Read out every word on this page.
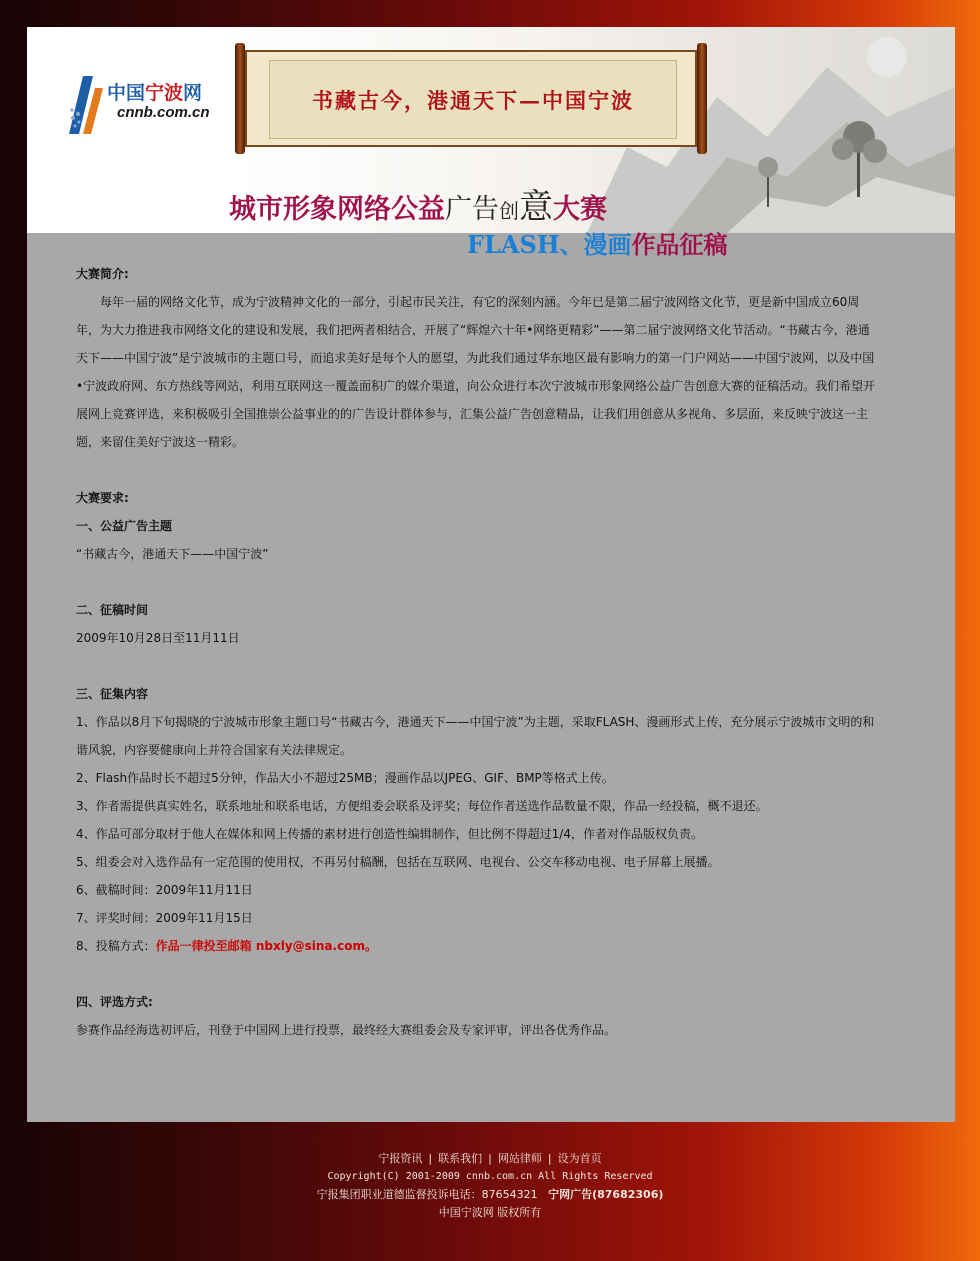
中国宁波网
cnnb.com.cn	书藏古今，港通天下—中国宁波
城市形象网络公益广告创意大赛
FLASH、漫画作品征稿
大赛简介:

每年一届的网络文化节，成为宁波精神文化的一部分，引起市民关注，有它的深刻内涵。今年已是第二届宁波网络文化节，更是新中国成立60周年，为大力推进我市网络文化的建设和发展，我们把两者相结合，开展了“辉煌六十年•网络更精彩”——第二届宁波网络文化节活动。“书藏古今，港通天下——中国宁波”是宁波城市的主题口号，而追求美好是每个人的愿望，为此我们通过华东地区最有影响力的第一门户网站——中国宁波网，以及中国•宁波政府网、东方热线等网站，利用互联网这一覆盖面积广的媒介渠道，向公众进行本次宁波城市形象网络公益广告创意大赛的征稿活动。我们希望开展网上竞赛评选，来积极吸引全国推崇公益事业的的广告设计群体参与，汇集公益广告创意精品，让我们用创意从多视角、多层面，来反映宁波这一主题，来留住美好宁波这一精彩。

大赛要求:
一、公益广告主题

“书藏古今，港通天下——中国宁波”

二、征稿时间

2009年10月28日至11月11日

三、征集内容

1、作品以8月下旬揭晓的宁波城市形象主题口号“书藏古今，港通天下——中国宁波”为主题，采取FLASH、漫画形式上传，充分展示宁波城市文明的和谐风貌，内容要健康向上并符合国家有关法律规定。

2、Flash作品时长不超过5分钟，作品大小不超过25MB；漫画作品以JPEG、GIF、BMP等格式上传。

3、作者需提供真实姓名，联系地址和联系电话，方便组委会联系及评奖；每位作者送选作品数量不限，作品一经投稿，概不退还。

4、作品可部分取材于他人在媒体和网上传播的素材进行创造性编辑制作，但比例不得超过1/4，作者对作品版权负责。

5、组委会对入选作品有一定范围的使用权，不再另付稿酬，包括在互联网、电视台、公交车移动电视、电子屏幕上展播。

6、截稿时间：2009年11月11日

7、评奖时间：2009年11月15日

8、投稿方式：作品一律投至邮箱 nbxly@sina.com。

四、评选方式:

参赛作品经海选初评后，刊登于中国网上进行投票，最终经大赛组委会及专家评审，评出各优秀作品。

宁报资讯 | 联系我们 | 网站律师 | 设为首页
Copyright(C) 2001-2009 cnnb.com.cn All Rights Reserved
宁报集团职业道德监督投诉电话：87654321 宁网广告(87682306)
中国宁波网 版权所有
